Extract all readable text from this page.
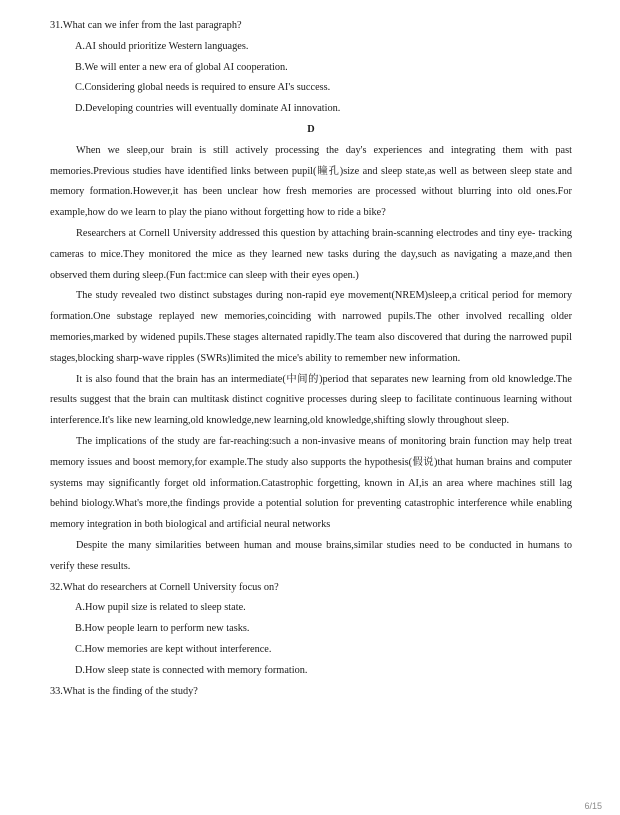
31.What can we infer from the last paragraph?

A.AI should prioritize Western languages.

B.We will enter a new era of global AI cooperation.

C.Considering global needs is required to ensure AI's success.

D.Developing countries will eventually dominate AI innovation.

D

When we sleep,our brain is still actively processing the day's experiences and integrating them with past memories.Previous studies have identified links between pupil(瞳孔)size and sleep state,as well as between sleep state and memory formation.However,it has been unclear how fresh memories are processed without blurring into old ones.For example,how do we learn to play the piano without forgetting how to ride a bike?

Researchers at Cornell University addressed this question by attaching brain-scanning electrodes and tiny eye- tracking cameras to mice.They monitored the mice as they learned new tasks during the day,such as navigating a maze,and then observed them during sleep.(Fun fact:mice can sleep with their eyes open.)

The study revealed two distinct substages during non-rapid eye movement(NREM)sleep,a critical period for memory formation.One substage replayed new memories,coinciding with narrowed pupils.The other involved recalling older memories,marked by widened pupils.These stages alternated rapidly.The team also discovered that during the narrowed pupil stages,blocking sharp-wave ripples (SWRs)limited the mice's ability to remember new information.

It is also found that the brain has an intermediate(中间的)period that separates new learning from old knowledge.The results suggest that the brain can multitask distinct cognitive processes during sleep to facilitate continuous learning without interference.It's like new learning,old knowledge,new learning,old knowledge,shifting slowly throughout sleep.

The implications of the study are far-reaching:such a non-invasive means of monitoring brain function may help treat memory issues and boost memory,for example.The study also supports the hypothesis(假说)that human brains and computer systems may significantly forget old information.Catastrophic forgetting, known in AI,is an area where machines still lag behind biology.What's more,the findings provide a potential solution for preventing catastrophic interference while enabling memory integration in both biological and artificial neural networks

Despite the many similarities between human and mouse brains,similar studies need to be conducted in humans to verify these results.

32.What do researchers at Cornell University focus on?

A.How pupil size is related to sleep state.

B.How people learn to perform new tasks.

C.How memories are kept without interference.

D.How sleep state is connected with memory formation.

33.What is the finding of the study?

6/15
